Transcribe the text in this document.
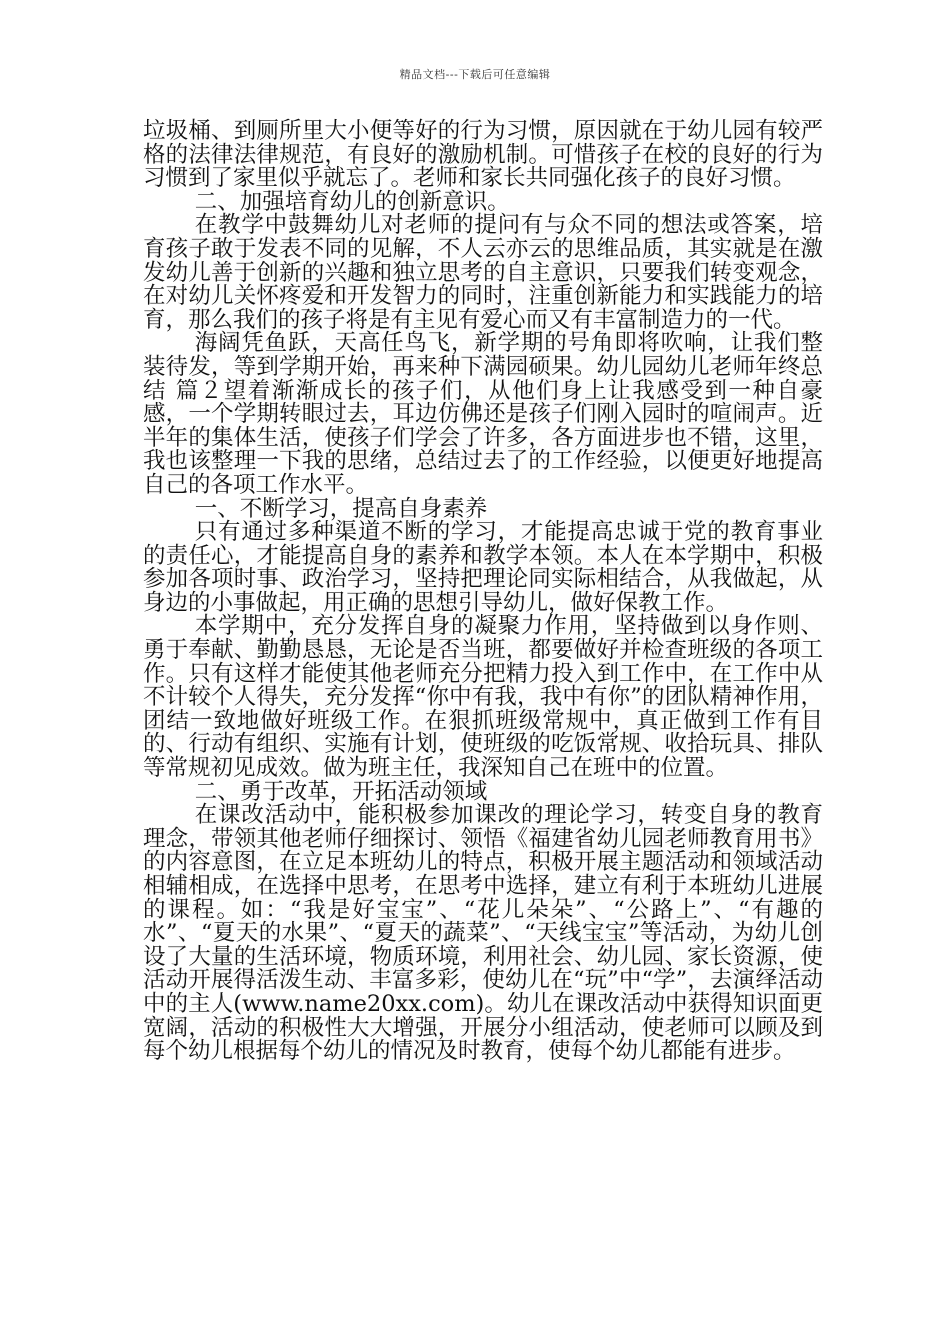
精品文档---下载后可任意编辑

垃圾桶、到厕所里大小便等好的行为习惯，原因就在于幼儿园有较严格的法律法律规范，有良好的激励机制。可惜孩子在校的良好的行为习惯到了家里似乎就忘了。老师和家长共同强化孩子的良好习惯。

二、加强培育幼儿的创新意识。

在教学中鼓舞幼儿对老师的提问有与众不同的想法或答案，培育孩子敢于发表不同的见解，不人云亦云的思维品质，其实就是在激发幼儿善于创新的兴趣和独立思考的自主意识，只要我们转变观念，在对幼儿关怀疼爱和开发智力的同时，注重创新能力和实践能力的培育，那么我们的孩子将是有主见有爱心而又有丰富制造力的一代。

海阔凭鱼跃，天高任鸟飞，新学期的号角即将吹响，让我们整装待发，等到学期开始，再来种下满园硕果。幼儿园幼儿老师年终总结 篇２望着渐渐成长的孩子们，从他们身上让我感受到一种自豪感，一个学期转眼过去，耳边仿佛还是孩子们刚入园时的喧闹声。近半年的集体生活，使孩子们学会了许多，各方面进步也不错，这里，我也该整理一下我的思绪，总结过去了的工作经验，以便更好地提高自己的各项工作水平。

一、不断学习，提高自身素养

只有通过多种渠道不断的学习，才能提高忠诚于党的教育事业的责任心，才能提高自身的素养和教学本领。本人在本学期中，积极参加各项时事、政治学习，坚持把理论同实际相结合，从我做起，从身边的小事做起，用正确的思想引导幼儿，做好保教工作。

本学期中，充分发挥自身的凝聚力作用，坚持做到以身作则、勇于奉献、勤勤恳恳，无论是否当班，都要做好并检查班级的各项工作。只有这样才能使其他老师充分把精力投入到工作中，在工作中从不计较个人得失，充分发挥“你中有我，我中有你”的团队精神作用，团结一致地做好班级工作。在狠抓班级常规中，真正做到工作有目的、行动有组织、实施有计划，使班级的吃饭常规、收拾玩具、排队等常规初见成效。做为班主任，我深知自己在班中的位置。

二、勇于改革，开拓活动领域

在课改活动中，能积极参加课改的理论学习，转变自身的教育理念，带领其他老师仔细探讨、领悟《福建省幼儿园老师教育用书》的内容意图，在立足本班幼儿的特点，积极开展主题活动和领域活动相辅相成，在选择中思考，在思考中选择，建立有利于本班幼儿进展的课程。如：“我是好宝宝”、“花儿朵朵”、“公路上”、“有趣的水”、“夏天的水果”、“夏天的蔬菜”、“天线宝宝”等活动，为幼儿创设了大量的生活环境，物质环境，利用社会、幼儿园、家长资源，使活动开展得活泼生动、丰富多彩，使幼儿在“玩”中“学”，去演绎活动中的主人(www.name20xx.com)。幼儿在课改活动中获得知识面更宽阔，活动的积极性大大增强，开展分小组活动，使老师可以顾及到每个幼儿根据每个幼儿的情况及时教育，使每个幼儿都能有进步。
